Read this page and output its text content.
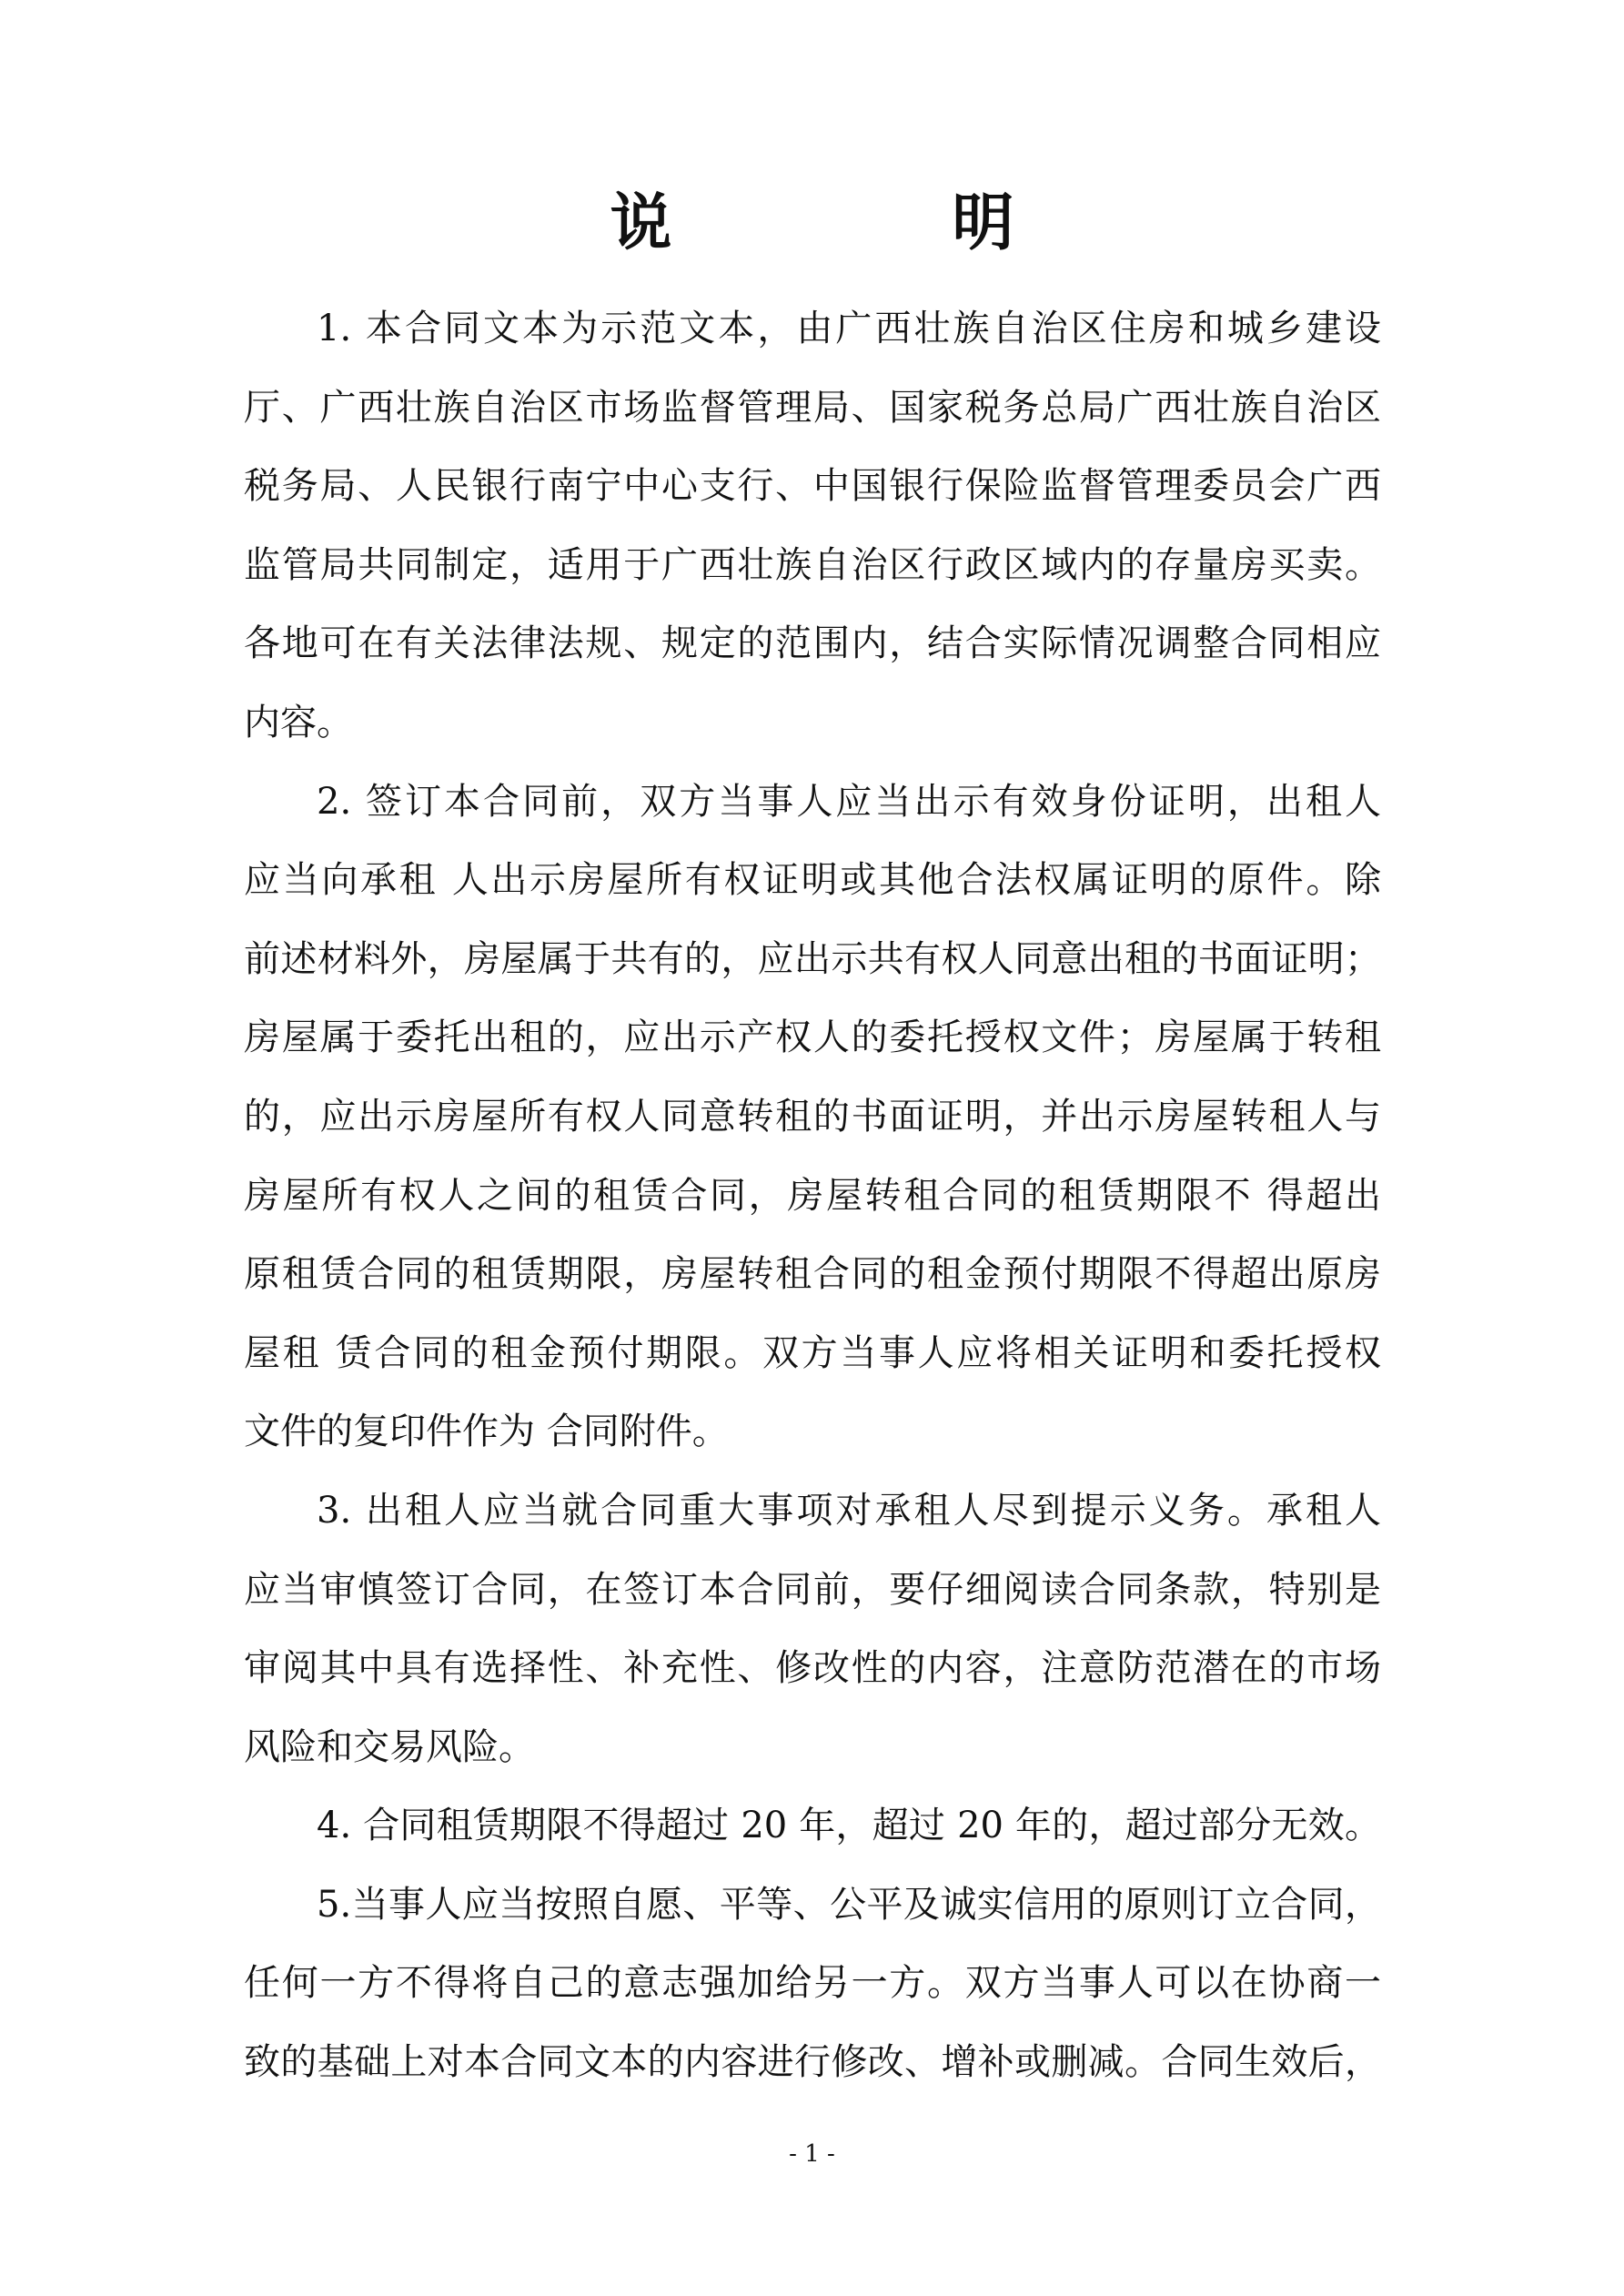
说　明
1. 本合同文本为示范文本，由广西壮族自治区住房和城乡建设
厅、广西壮族自治区市场监督管理局、国家税务总局广西壮族自治区
税务局、人民银行南宁中心支行、中国银行保险监督管理委员会广西
监管局共同制定，适用于广西壮族自治区行政区域内的存量房买卖。
各地可在有关法律法规、规定的范围内，结合实际情况调整合同相应
内容。
2. 签订本合同前，双方当事人应当出示有效身份证明，出租人
应当向承租 人出示房屋所有权证明或其他合法权属证明的原件。除
前述材料外，房屋属于共有的，应出示共有权人同意出租的书面证明；
房屋属于委托出租的，应出示产权人的委托授权文件；房屋属于转租
的，应出示房屋所有权人同意转租的书面证明，并出示房屋转租人与
房屋所有权人之间的租赁合同，房屋转租合同的租赁期限不 得超出
原租赁合同的租赁期限，房屋转租合同的租金预付期限不得超出原房
屋租 赁合同的租金预付期限。双方当事人应将相关证明和委托授权
文件的复印件作为 合同附件。
3. 出租人应当就合同重大事项对承租人尽到提示义务。承租人
应当审慎签订合同，在签订本合同前，要仔细阅读合同条款，特别是
审阅其中具有选择性、补充性、修改性的内容，注意防范潜在的市场
风险和交易风险。
4. 合同租赁期限不得超过 20 年，超过 20 年的，超过部分无效。
5.当事人应当按照自愿、平等、公平及诚实信用的原则订立合同，
任何一方不得将自己的意志强加给另一方。双方当事人可以在协商一
致的基础上对本合同文本的内容进行修改、增补或删减。合同生效后，
- 1 -
